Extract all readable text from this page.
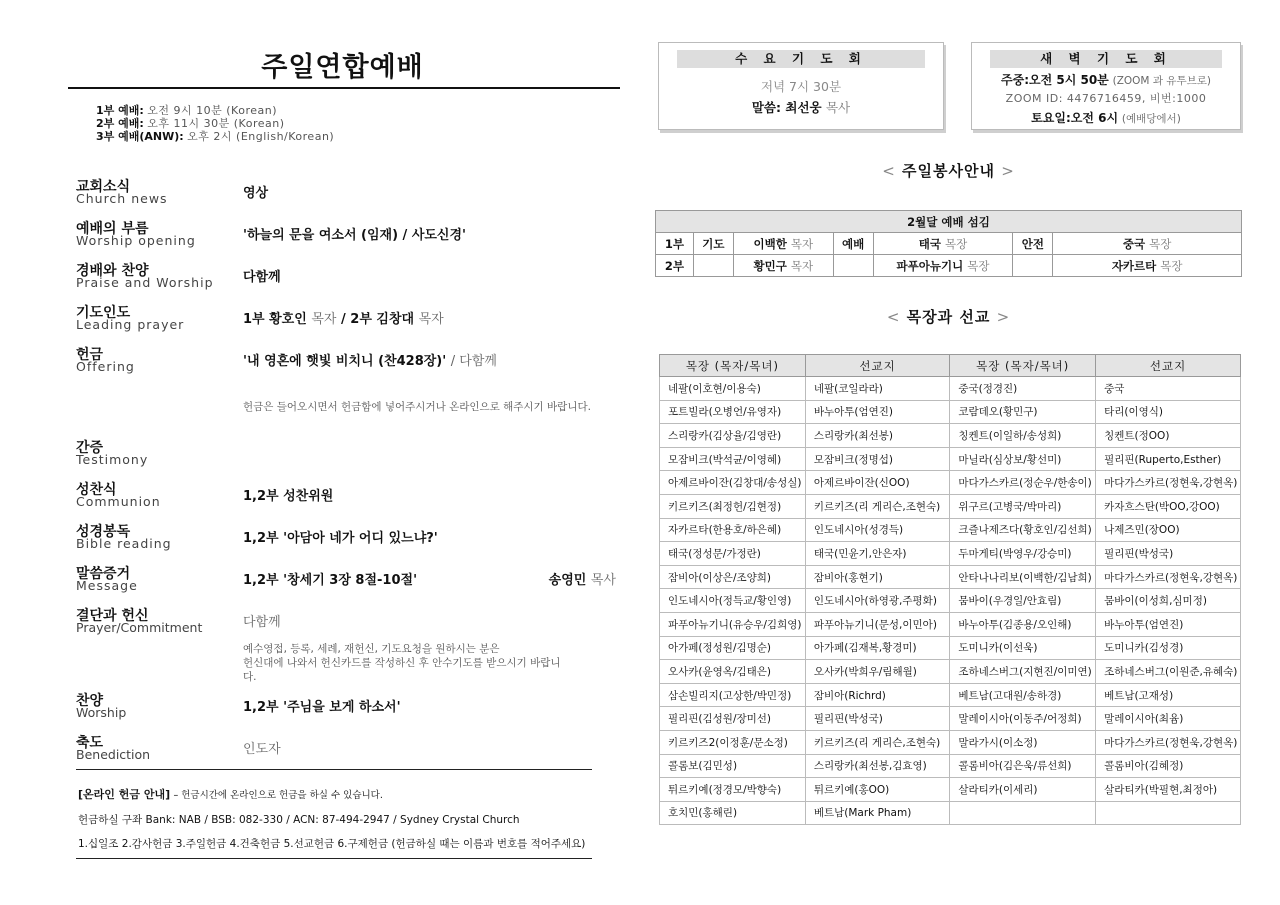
주일연합예배
1부 예배: 오전 9시 10분 (Korean)
2부 예배: 오후 11시 30분 (Korean)
3부 예배(ANW): 오후 2시 (English/Korean)
교회소식
Church news	영상
예배의 부름
Worship opening	'하늘의 문을 여소서 (임재) / 사도신경'
경배와 찬양
Praise and Worship 다함께
기도인도
Leading prayer	1부 황호인 목자 / 2부 김창대 목자
헌금
Offering	'내 영혼에 햇빛 비치니 (찬428장)' / 다함께
헌금은 들어오시면서 헌금함에 넣어주시거나 온라인으로 해주시기 바랍니다.
간증
Testimony
성찬식
Communion	1,2부 성찬위원
성경봉독
Bible reading	1,2부 '아담아 네가 어디 있느냐?'
말씀증거
Message	1,2부 '창세기 3장 8절-10절'	송영민 목사
결단과 헌신
Prayer/Commitment	다함께
예수영접, 등록, 세례, 재헌신, 기도요청을 원하시는 분은
헌신대에 나와서 헌신카드를 작성하신 후 안수기도를 받으시기 바랍니
다.
찬양
Worship	1,2부 '주님을 보게 하소서'
축도
Benediction	인도자
[온라인 헌금 안내] – 헌금시간에 온라인으로 헌금을 하실 수 있습니다.
헌금하실 구좌 Bank: NAB / BSB: 082-330 / ACN: 87-494-2947 / Sydney Crystal Church
1.십일조 2.감사헌금 3.주일헌금 4.건축헌금 5.선교헌금 6.구제헌금 (헌금하실 때는 이름과 번호를 적어주세요)
수 요 기 도 회
저녁 7시 30분
말씀: 최선웅 목사
새 벽 기 도 회
주중:오전 5시 50분 (ZOOM 과 유투브로)
ZOOM ID: 4476716459, 비번:1000
토요일:오전 6시 (예배당에서)
< 주일봉사안내 >
2월달 예배 섬김						
1부	기도	이백한 목자	예배	태국 목장	안전	중국 목장
2부		황민구 목자		파푸아뉴기니 목장		자카르타 목장
< 목장과 선교 >
목장 (목자/목녀)	선교지	목장 (목자/목녀)	선교지
네팔(이호현/이용숙)	네팔(코일라라)	중국(정경진)	중국
포트빌라(오병언/유영자)	바누아투(엄연진)	코람데오(황민구)	타리(이영식)
스리랑카(김상율/김영란)	스리랑카(최선봉)	칭켄트(이일하/송성희)	칭켄트(정OO)
모잠비크(박석균/이영혜)	모잠비크(정명섭)	마닐라(심상보/황선미)	필리핀(Ruperto,Esther)
아제르바이잔(김창대/송성실)	아제르바이잔(신OO)	마다가스카르(정순우/한송이)	마다가스카르(정현욱,강현옥)
키르키즈(최정헌/김현정)	키르키즈(리 게리슨,조현숙)	위구르(고병국/박마리)	카자흐스탄(박OO,강OO)
자카르타(한용호/하은혜)	인도네시아(성경득)	크즐나제즈다(황호인/김선희)	나제즈민(장OO)
태국(정성문/가정란)	태국(민윤기,안은자)	두마게티(박영우/강승미)	필리핀(박성국)
잠비아(이상은/조양희)	잠비아(홍현기)	안타나나리보(이백한/김남희)	마다가스카르(정현욱,강현옥)
인도네시아(정득교/황인영)	인도네시아(하영광,주평화)	뭄바이(우경일/안효림)	뭄바이(이성희,심미정)
파푸아뉴기니(유승우/김희영)	파푸아뉴기니(문성,이민아)	바누아투(김종용/오인해)	바누아투(엄연진)
아가페(정성원/김명순)	아가페(김재복,황경미)	도미니카(이선욱)	도미니카(김성경)
오사카(윤영옥/김태은)	오사카(박희우/림해월)	조하네스버그(지현진/이미연)	조하네스버그(이원준,유혜숙)
삼손빌리지(고상한/박민정)	잠비아(Richrd)	베트남(고대원/송하경)	베트남(고재성)
필리핀(김성원/장미선)	필리핀(박성국)	말레이시아(이동주/어정희)	말레이시아(최윰)
키르키즈2(이정훈/문소정)	키르키즈(리 게리슨,조현숙)	말라가시(이소정)	마다가스카르(정현욱,강현옥)
콜롬보(김민성)	스리랑카(최선봉,김효영)	콜롬비아(김은욱/류선희)	콜롬비아(김혜정)
튀르키예(정경모/박향숙)	튀르키예(홍OO)	살라티카(이세리)	살라티카(박필현,최정아)
호치민(홍해린)	베트남(Mark Pham)		
